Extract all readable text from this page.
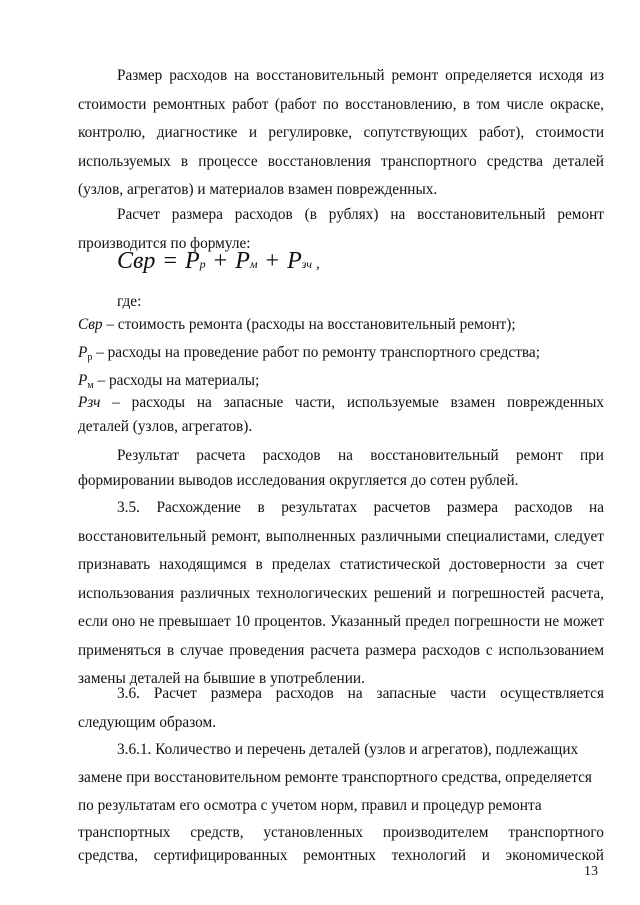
Размер расходов на восстановительный ремонт определяется исходя из стоимости ремонтных работ (работ по восстановлению, в том числе окраске, контролю, диагностике и регулировке, сопутствующих работ), стоимости используемых в процессе восстановления транспортного средства деталей (узлов, агрегатов) и материалов взамен поврежденных.

Расчет размера расходов (в рублях) на восстановительный ремонт производится по формуле:

Свр = P р + P м + P зч ,

где:

Свр – стоимость ремонта (расходы на восстановительный ремонт);

$Р_р$ – расходы на проведение работ по ремонту транспортного средства;

$Р_м$ – расходы на материалы;

Рзч – расходы на запасные части, используемые взамен поврежденных

деталей (узлов, агрегатов).

Результат расчета расходов на восстановительный ремонт при

формировании выводов исследования округляется до сотен рублей.

3.5. Расхождение в результатах расчетов размера расходов на восстановительный ремонт, выполненных различными специалистами, следует признавать находящимся в пределах статистической достоверности за счет использования различных технологических решений и погрешностей расчета, если оно не превышает 10 процентов. Указанный предел погрешности не может применяться в случае проведения расчета размера расходов с использованием замены деталей на бывшие в употреблении.

3.6. Расчет размера расходов на запасные части осуществляется следующим образом.

3.6.1. Количество и перечень деталей (узлов и агрегатов), подлежащих

замене при восстановительном ремонте транспортного средства, определяется

по результатам его осмотра с учетом норм, правил и процедур ремонта

транспортных средств, установленных производителем транспортного
средства, сертифицированных ремонтных технологий и экономической

13
